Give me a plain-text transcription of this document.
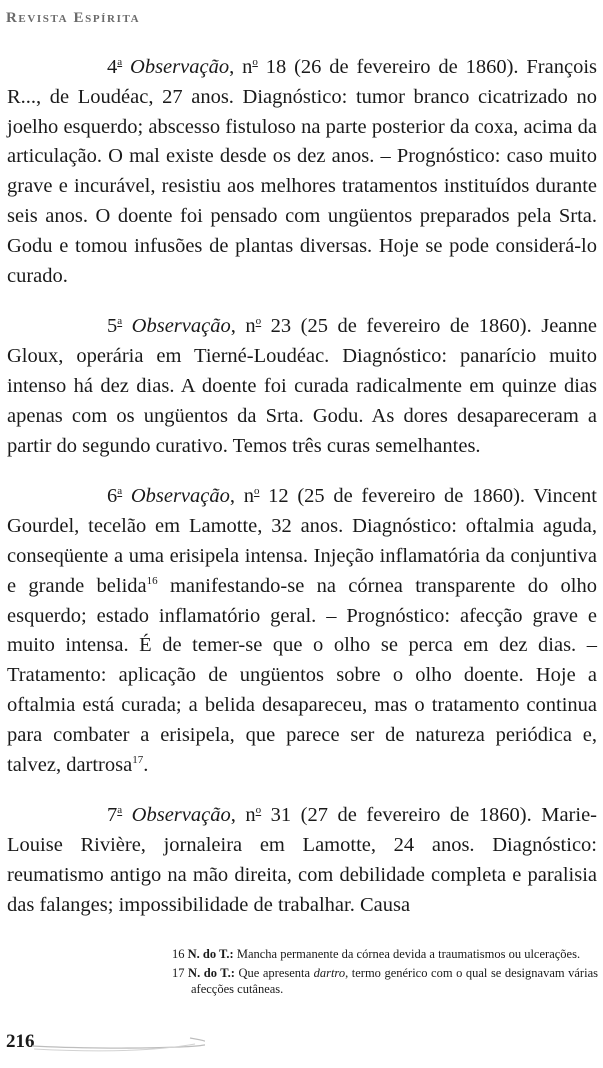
Revista Espírita

4$^a$ Observação, $n^o$ 18 (26 de fevereiro de 1860). François R..., de Loudéac, 27 anos. Diagnóstico: tumor branco cicatrizado no joelho esquerdo; abscesso fistuloso na parte posterior da coxa, acima da articulação. O mal existe desde os dez anos. – Prognóstico: caso muito grave e incurável, resistiu aos melhores tratamentos instituídos durante seis anos. O doente foi pensado com ungüentos preparados pela Srta. Godu e tomou infusões de plantas diversas. Hoje se pode considerá-lo curado.

5$^a$ Observação, $n^o$ 23 (25 de fevereiro de 1860). Jeanne Gloux, operária em Tierné-Loudéac. Diagnóstico: panarício muito intenso há dez dias. A doente foi curada radicalmente em quinze dias apenas com os ungüentos da Srta. Godu. As dores desapareceram a partir do segundo curativo. Temos três curas semelhantes.

6$^a$ Observação, $n^o$ 12 (25 de fevereiro de 1860). Vincent Gourdel, tecelão em Lamotte, 32 anos. Diagnóstico: oftalmia aguda, conseqüente a uma erisipela intensa. Injeção inflamatória da conjuntiva e grande belida$^{16}$ manifestando-se na córnea transparente do olho esquerdo; estado inflamatório geral. – Prognóstico: afecção grave e muito intensa. É de temer-se que o olho se perca em dez dias. – Tratamento: aplicação de ungüentos sobre o olho doente. Hoje a oftalmia está curada; a belida desapareceu, mas o tratamento continua para combater a erisipela, que parece ser de natureza periódica e, talvez, dartrosa$^{17}$.

7$^a$ Observação, $n^o$ 31 (27 de fevereiro de 1860). Marie-Louise Rivière, jornaleira em Lamotte, 24 anos. Diagnóstico: reumatismo antigo na mão direita, com debilidade completa e paralisia das falanges; impossibilidade de trabalhar. Causa

16 N. do T.: Mancha permanente da córnea devida a traumatismos ou ulcerações.

17 N. do T.: Que apresenta dartro, termo genérico com o qual se designavam várias afecções cutâneas.

216
